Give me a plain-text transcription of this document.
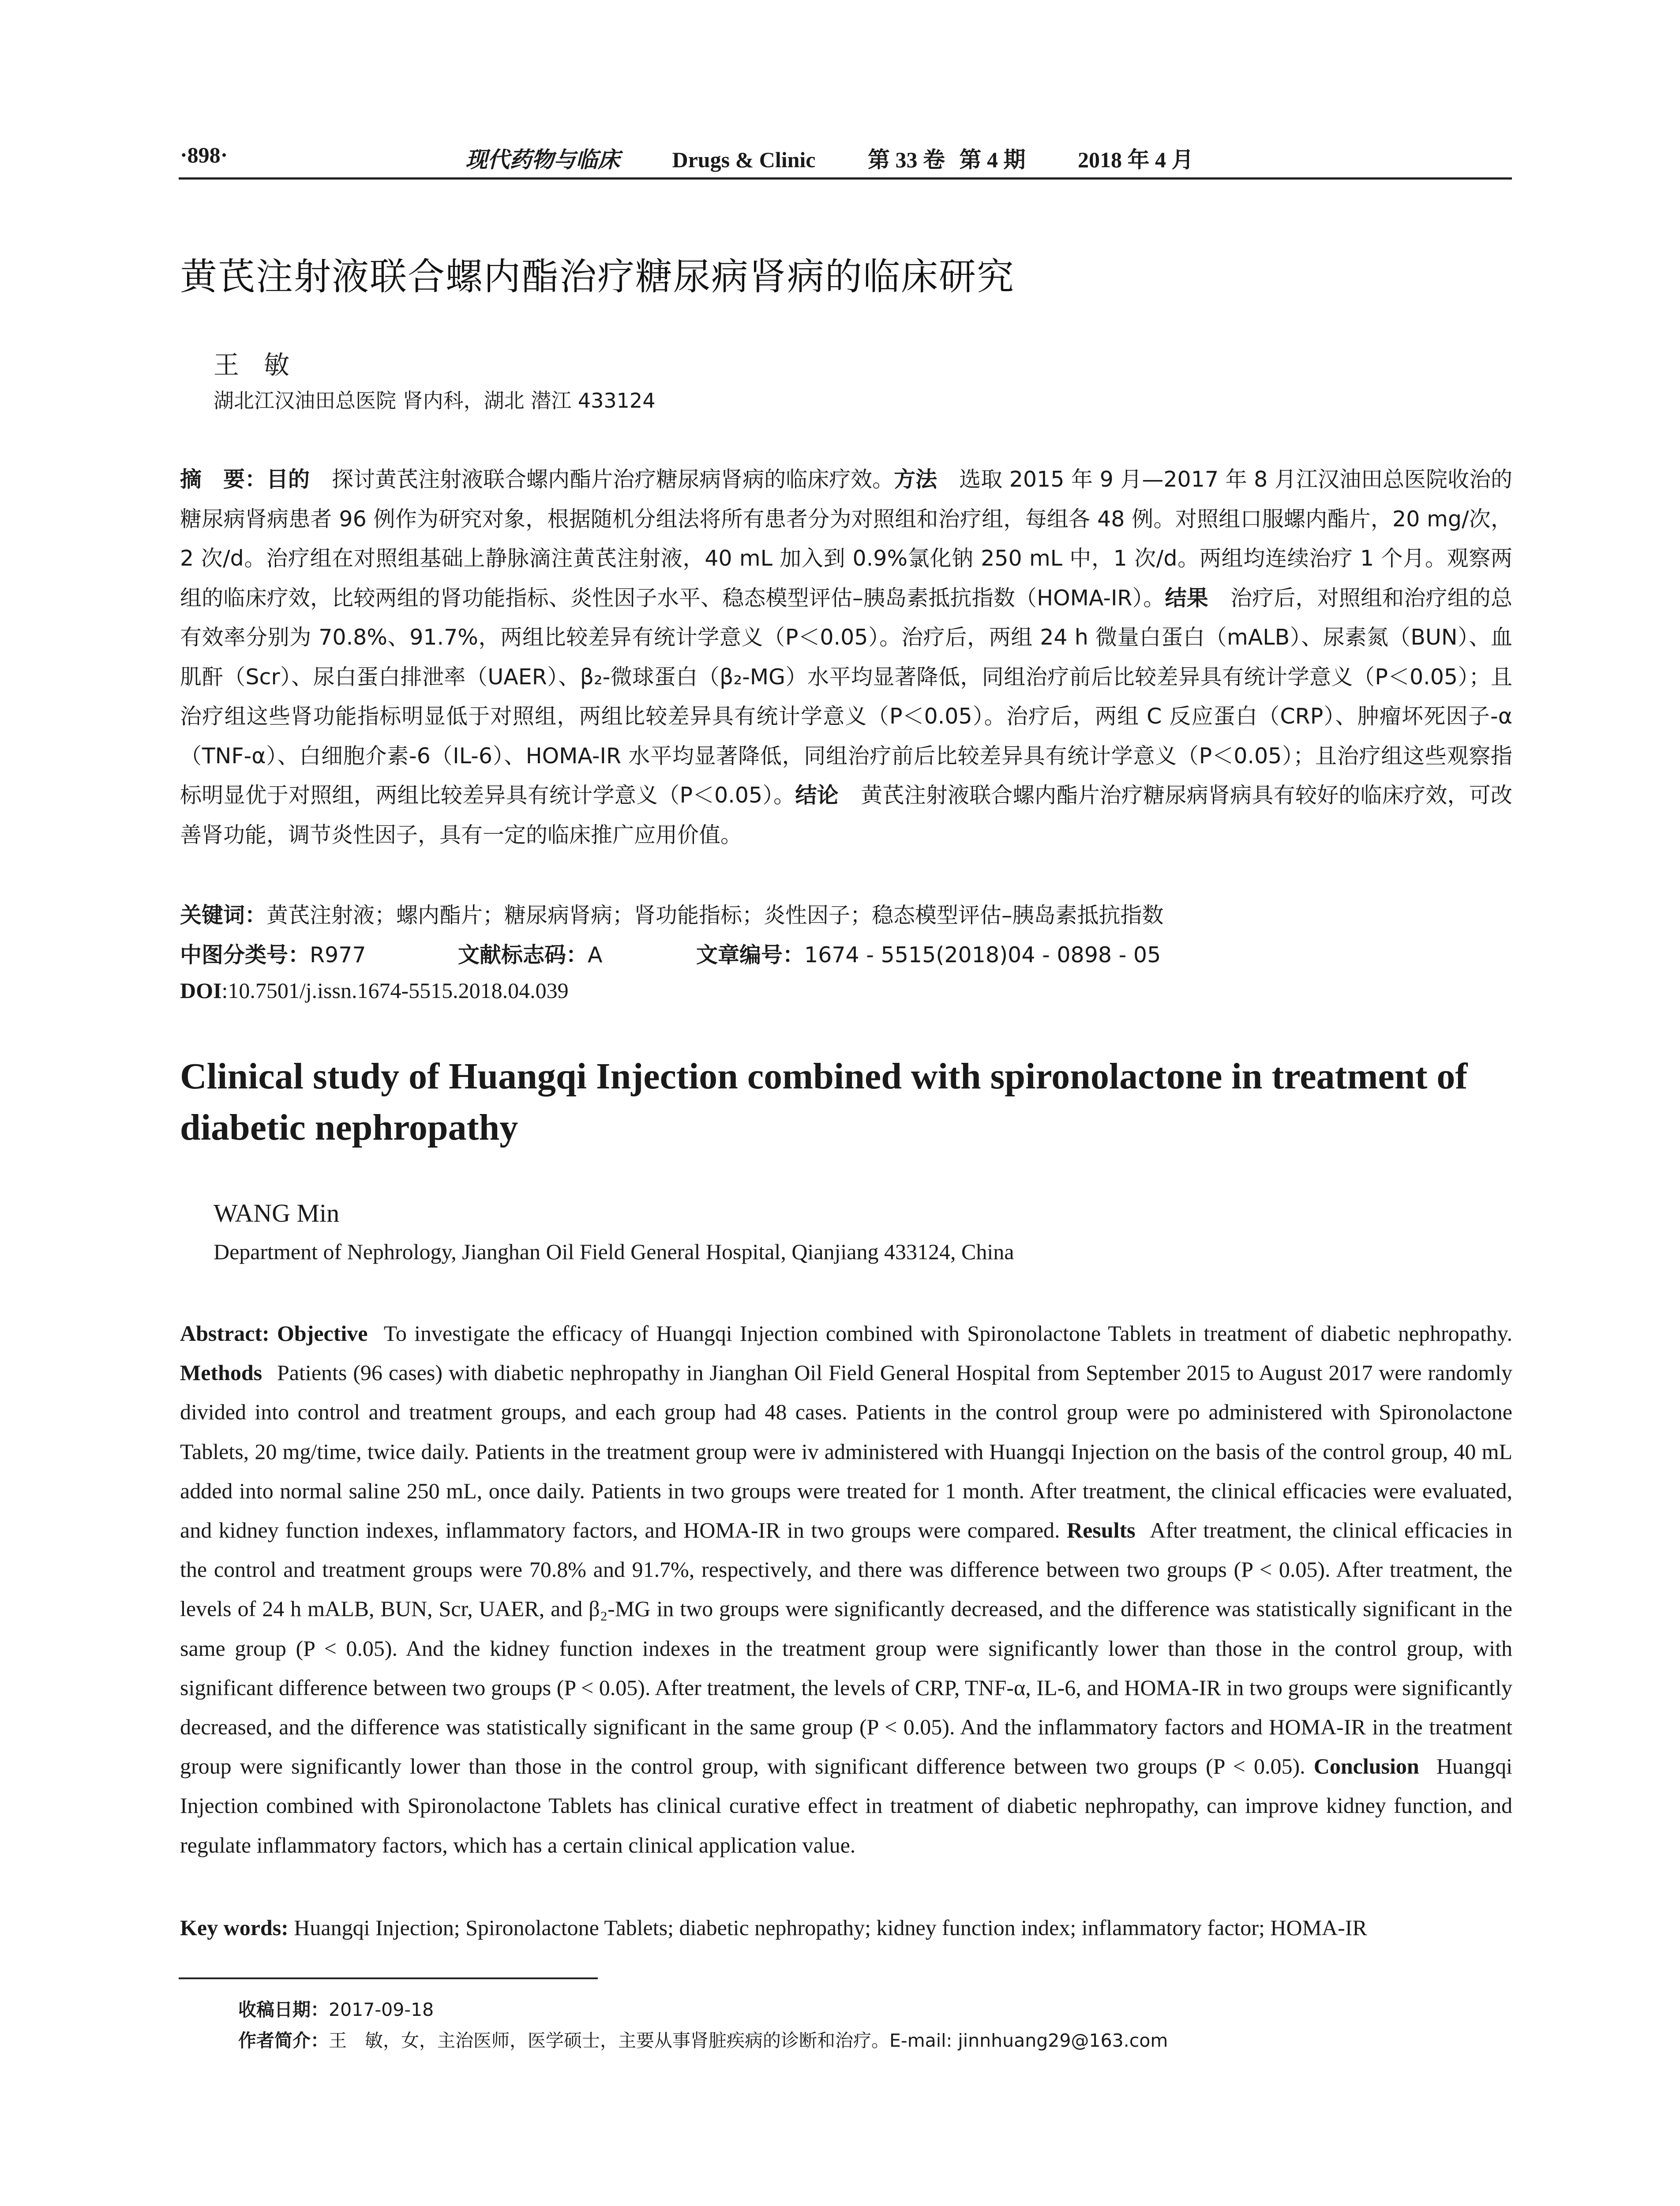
·898·	现代药物与临床 Drugs & Clinic 第 33 卷 第 4 期 2018 年 4 月
黄芪注射液联合螺内酯治疗糖尿病肾病的临床研究
王敏
湖北江汉油田总医院 肾内科，湖北 潜江 433124
摘　要：目的 探讨黄芪注射液联合螺内酯片治疗糖尿病肾病的临床疗效。方法 选取 2015 年 9 月—2017 年 8 月江汉油田总医院收治的糖尿病肾病患者 96 例作为研究对象，根据随机分组法将所有患者分为对照组和治疗组，每组各 48 例。对照组口服螺内酯片，20 mg/次，2 次/d。治疗组在对照组基础上静脉滴注黄芪注射液，40 mL 加入到 0.9%氯化钠 250 mL 中，1 次/d。两组均连续治疗 1 个月。观察两组的临床疗效，比较两组的肾功能指标、炎性因子水平、稳态模型评估–胰岛素抵抗指数（HOMA-IR）。结果 治疗后，对照组和治疗组的总有效率分别为 70.8%、91.7%，两组比较差异有统计学意义（P＜0.05）。治疗后，两组 24 h 微量白蛋白（mALB）、尿素氮（BUN）、血肌酐（Scr）、尿白蛋白排泄率（UAER）、β₂-微球蛋白（β₂-MG）水平均显著降低，同组治疗前后比较差异具有统计学意义（P＜0.05）；且治疗组这些肾功能指标明显低于对照组，两组比较差异具有统计学意义（P＜0.05）。治疗后，两组 C 反应蛋白（CRP）、肿瘤坏死因子-α（TNF-α）、白细胞介素-6（IL-6）、HOMA-IR 水平均显著降低，同组治疗前后比较差异具有统计学意义（P＜0.05）；且治疗组这些观察指标明显优于对照组，两组比较差异具有统计学意义（P＜0.05）。结论 黄芪注射液联合螺内酯片治疗糖尿病肾病具有较好的临床疗效，可改善肾功能，调节炎性因子，具有一定的临床推广应用价值。
关键词：黄芪注射液；螺内酯片；糖尿病肾病；肾功能指标；炎性因子；稳态模型评估–胰岛素抵抗指数
中图分类号：R977	文献标志码：A	文章编号：1674 - 5515(2018)04 - 0898 - 05
DOI:10.7501/j.issn.1674-5515.2018.04.039
Clinical study of Huangqi Injection combined with spironolactone in treatment of diabetic nephropathy
WANG Min
Department of Nephrology, Jianghan Oil Field General Hospital, Qianjiang 433124, China
Abstract: Objective To investigate the efficacy of Huangqi Injection combined with Spironolactone Tablets in treatment of diabetic nephropathy. Methods Patients (96 cases) with diabetic nephropathy in Jianghan Oil Field General Hospital from September 2015 to August 2017 were randomly divided into control and treatment groups, and each group had 48 cases. Patients in the control group were po administered with Spironolactone Tablets, 20 mg/time, twice daily. Patients in the treatment group were iv administered with Huangqi Injection on the basis of the control group, 40 mL added into normal saline 250 mL, once daily. Patients in two groups were treated for 1 month. After treatment, the clinical efficacies were evaluated, and kidney function indexes, inflammatory factors, and HOMA-IR in two groups were compared. Results After treatment, the clinical efficacies in the control and treatment groups were 70.8% and 91.7%, respectively, and there was difference between two groups (P < 0.05). After treatment, the levels of 24 h mALB, BUN, Scr, UAER, and β₂-MG in two groups were significantly decreased, and the difference was statistically significant in the same group (P < 0.05). And the kidney function indexes in the treatment group were significantly lower than those in the control group, with significant difference between two groups (P < 0.05). After treatment, the levels of CRP, TNF-α, IL-6, and HOMA-IR in two groups were significantly decreased, and the difference was statistically significant in the same group (P < 0.05). And the inflammatory factors and HOMA-IR in the treatment group were significantly lower than those in the control group, with significant difference between two groups (P < 0.05). Conclusion Huangqi Injection combined with Spironolactone Tablets has clinical curative effect in treatment of diabetic nephropathy, can improve kidney function, and regulate inflammatory factors, which has a certain clinical application value.
Key words: Huangqi Injection; Spironolactone Tablets; diabetic nephropathy; kidney function index; inflammatory factor; HOMA-IR
收稿日期：2017-09-18
作者简介：王　敏，女，主治医师，医学硕士，主要从事肾脏疾病的诊断和治疗。E-mail: jinnhuang29@163.com
